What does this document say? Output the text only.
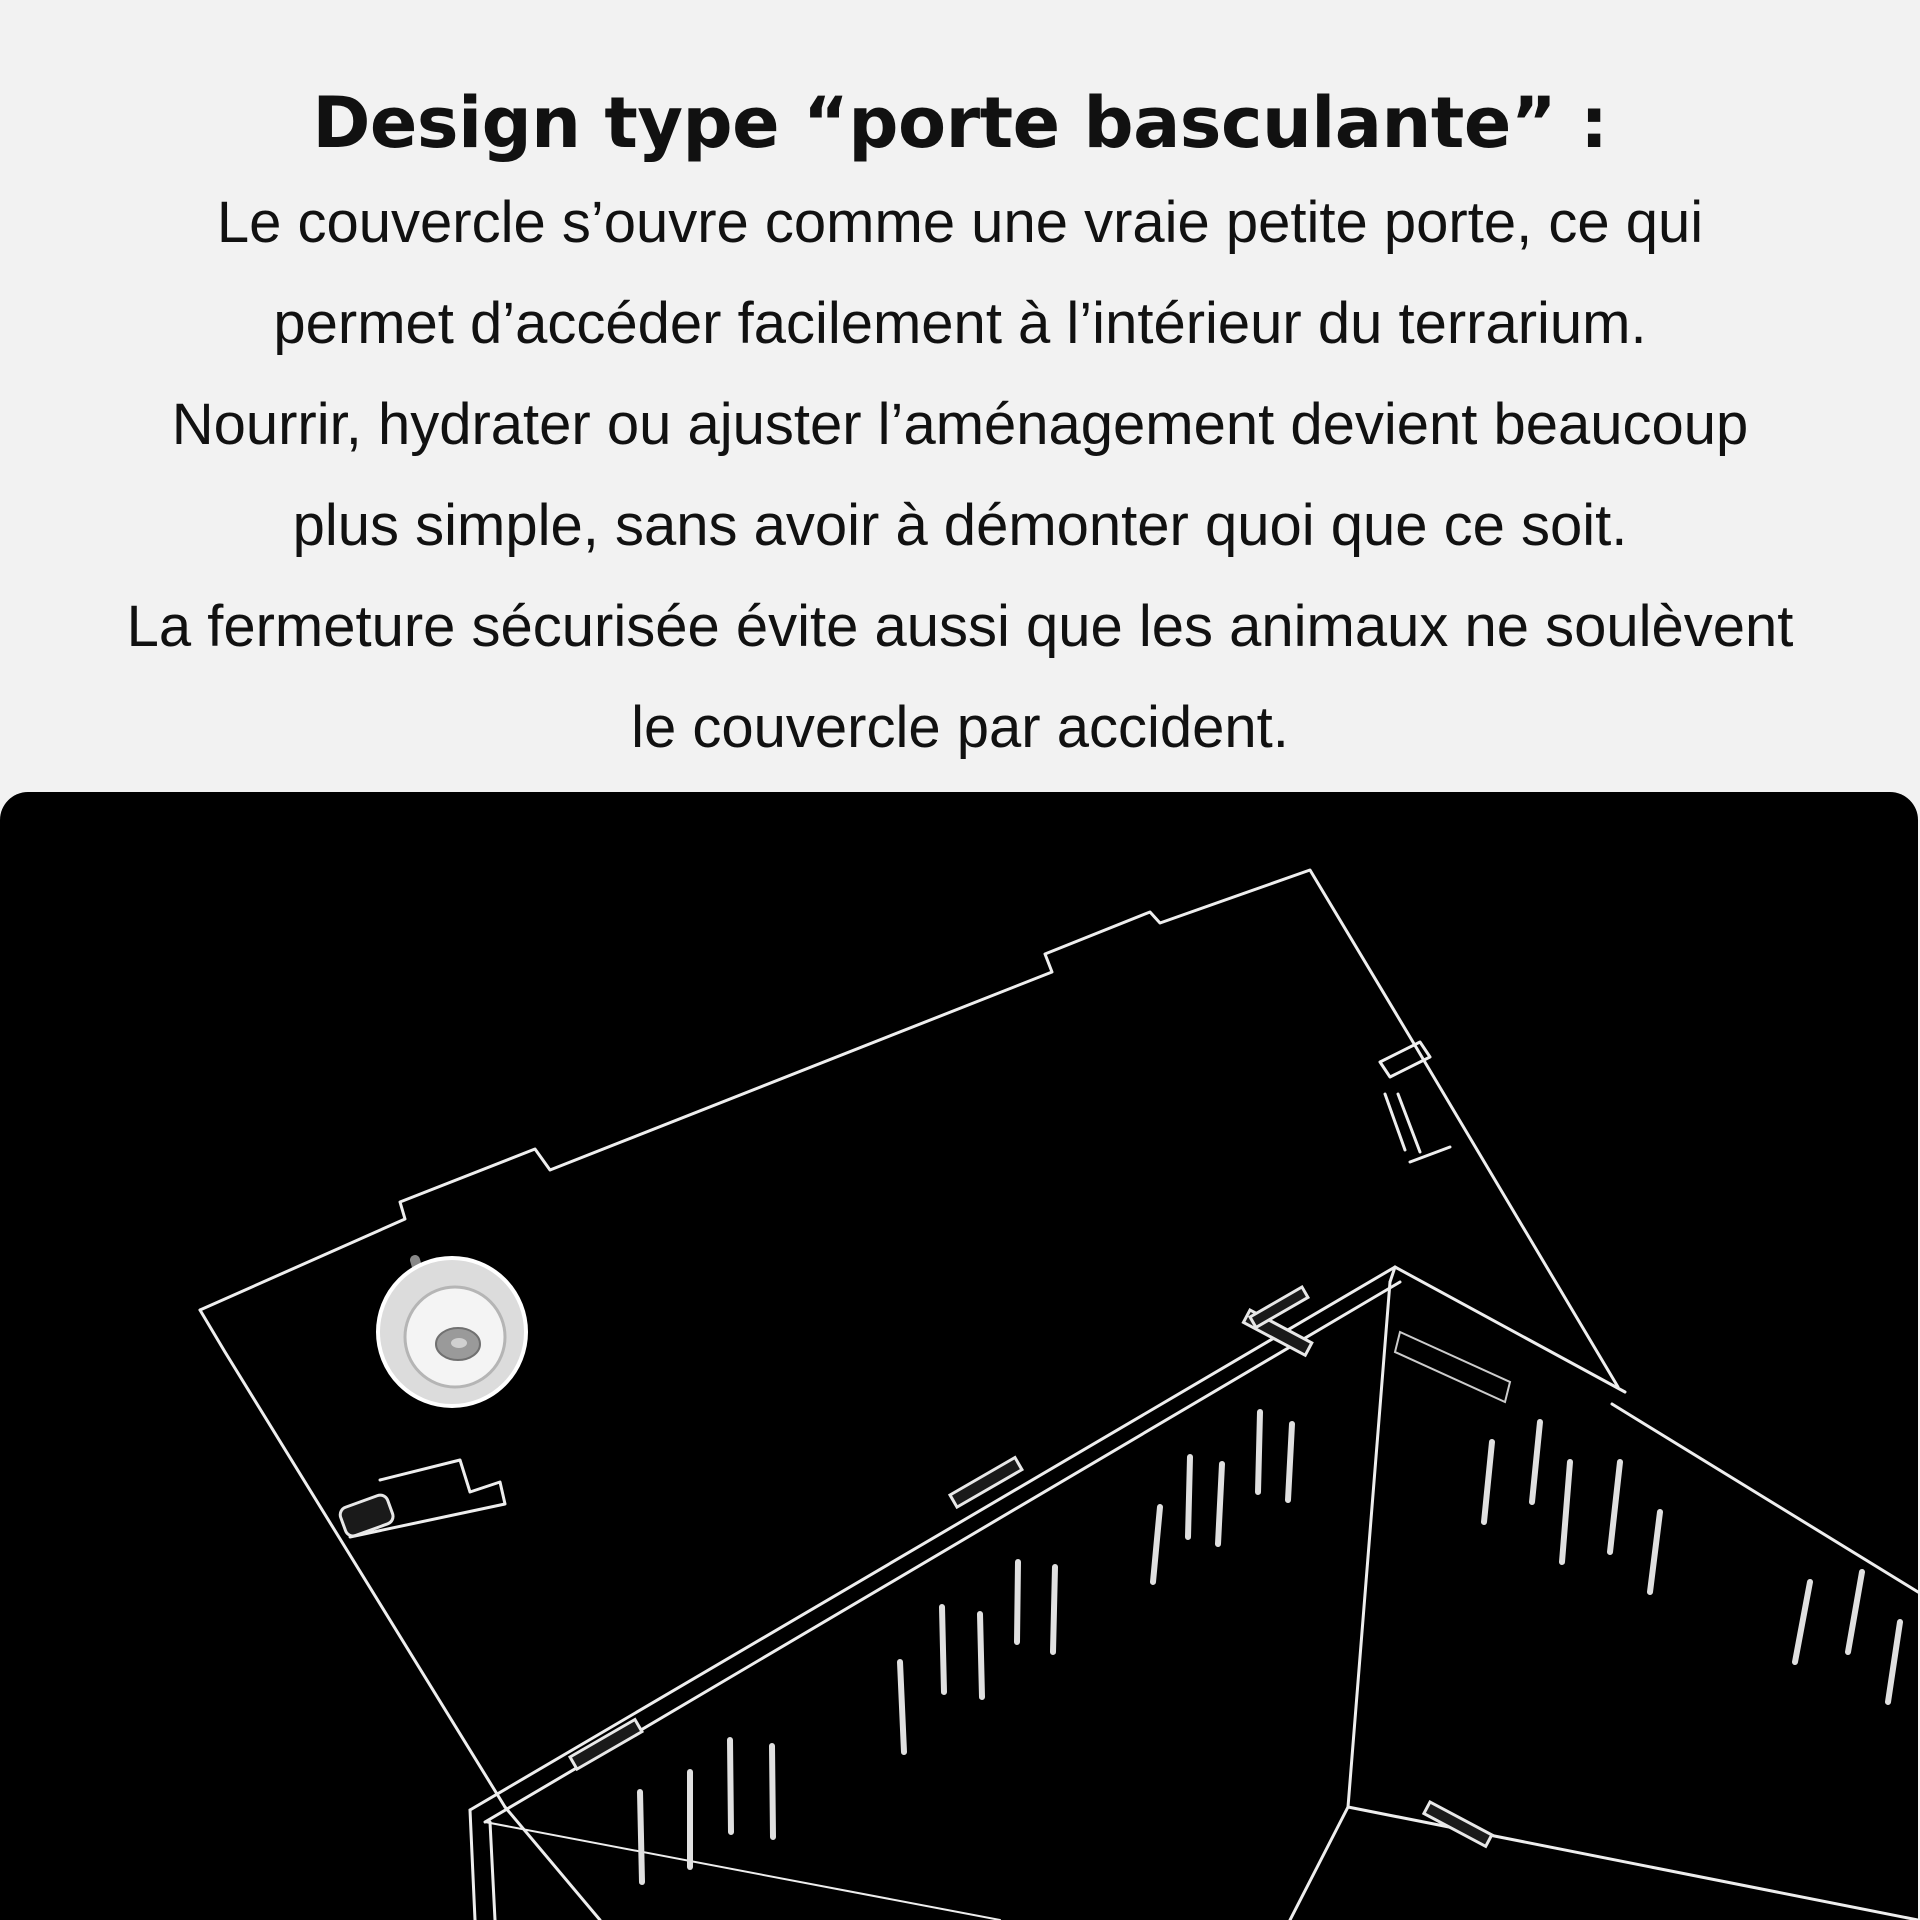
Design type “porte basculante” :

Le couvercle s’ouvre comme une vraie petite porte, ce qui

permet d’accéder facilement à l’intérieur du terrarium.

Nourrir, hydrater ou ajuster l’aménagement devient beaucoup

plus simple, sans avoir à démonter quoi que ce soit.

La fermeture sécurisée évite aussi que les animaux ne soulèvent

le couvercle par accident.
